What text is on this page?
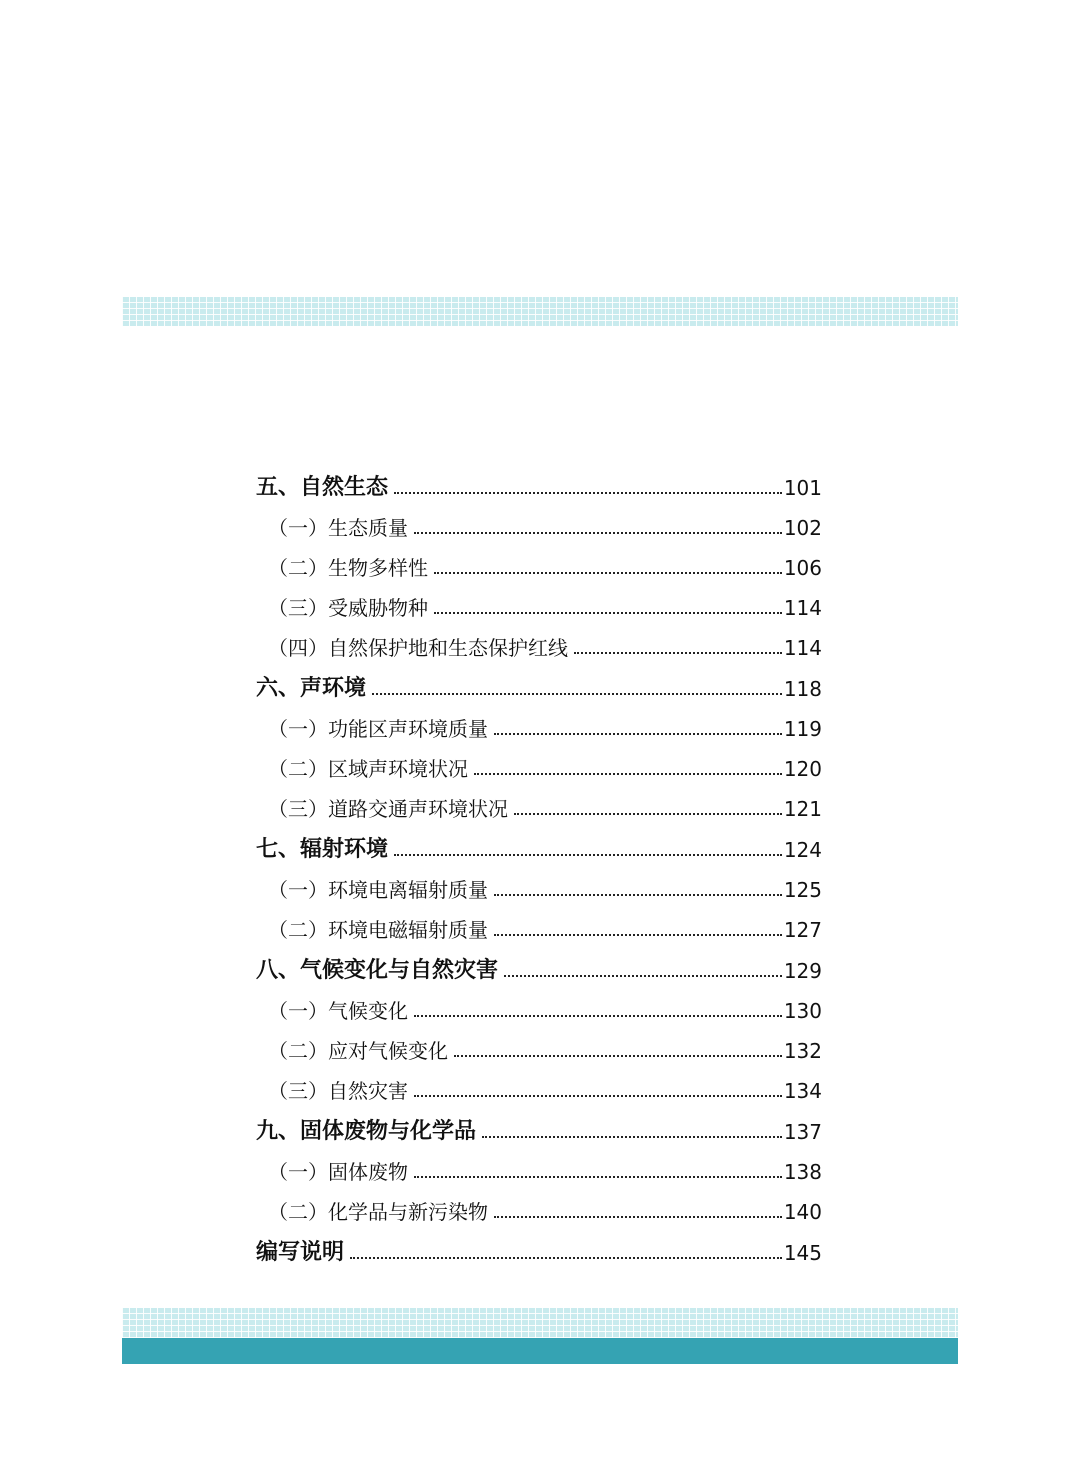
五、自然生态	101
（一）生态质量	102
（二）生物多样性	106
（三）受威胁物种	114
（四）自然保护地和生态保护红线	114
六、声环境	118
（一）功能区声环境质量	119
（二）区域声环境状况	120
（三）道路交通声环境状况	121
七、辐射环境	124
（一）环境电离辐射质量	125
（二）环境电磁辐射质量	127
八、气候变化与自然灾害	129
（一）气候变化	130
（二）应对气候变化	132
（三）自然灾害	134
九、固体废物与化学品	137
（一）固体废物	138
（二）化学品与新污染物	140
编写说明	145
